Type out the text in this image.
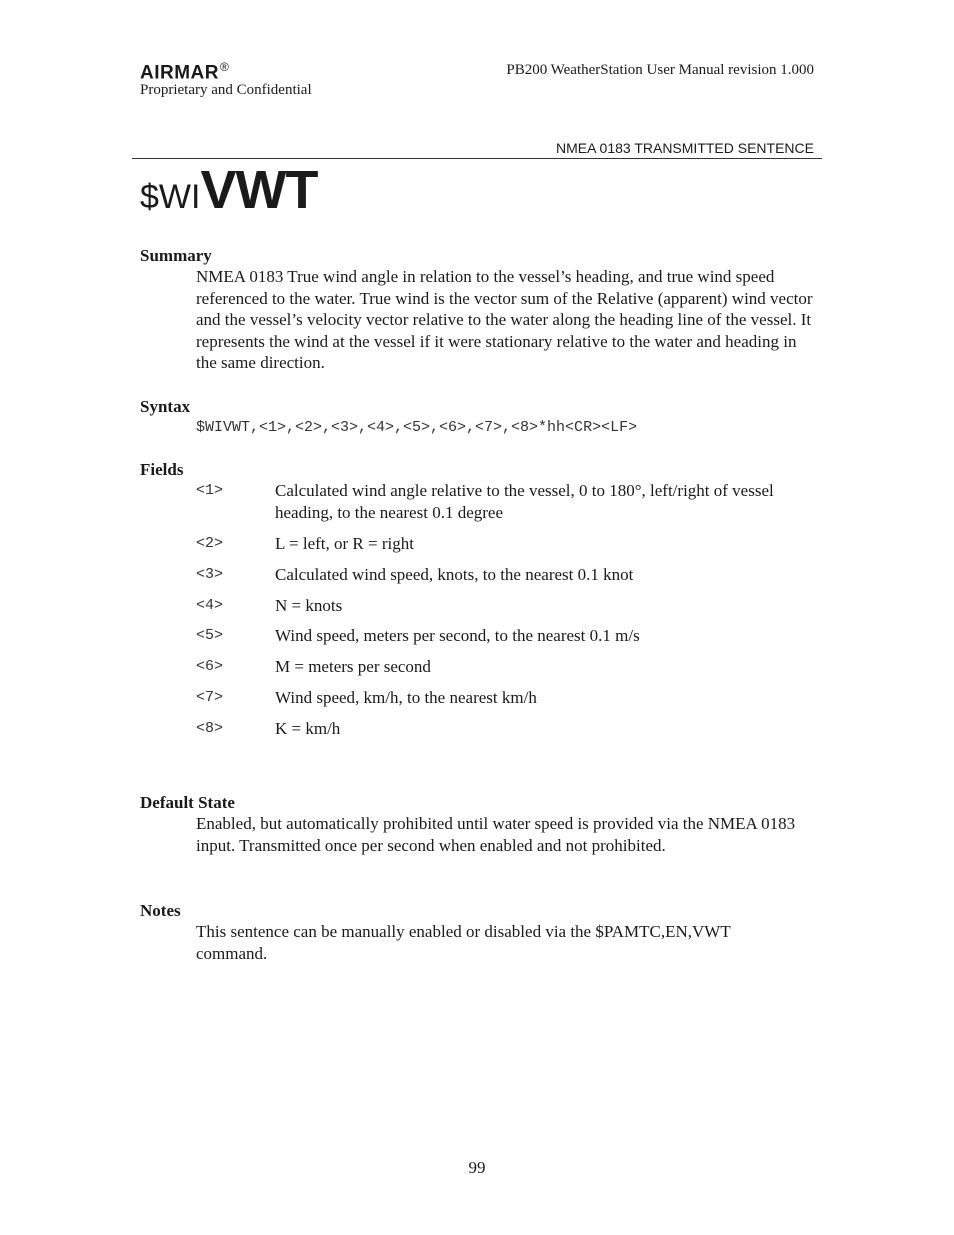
AIRMAR®
Proprietary and Confidential
PB200 WeatherStation User Manual revision 1.000
NMEA 0183 TRANSMITTED SENTENCE
$WIVWT
Summary
NMEA 0183 True wind angle in relation to the vessel’s heading, and true wind speed referenced to the water. True wind is the vector sum of the Relative (apparent) wind vector and the vessel’s velocity vector relative to the water along the heading line of the vessel. It represents the wind at the vessel if it were stationary relative to the water and heading in the same direction.
Syntax
$WIVWT,<1>,<2>,<3>,<4>,<5>,<6>,<7>,<8>*hh<CR><LF>
Fields
<1>	Calculated wind angle relative to the vessel, 0 to 180°, left/right of vessel heading, to the nearest 0.1 degree
<2>	L = left, or R = right
<3>	Calculated wind speed, knots, to the nearest 0.1 knot
<4>	N = knots
<5>	Wind speed, meters per second, to the nearest 0.1 m/s
<6>	M = meters per second
<7>	Wind speed, km/h, to the nearest km/h
<8>	K = km/h
Default State
Enabled, but automatically prohibited until water speed is provided via the NMEA 0183 input. Transmitted once per second when enabled and not prohibited.
Notes
This sentence can be manually enabled or disabled via the $PAMTC,EN,VWT command.
99
